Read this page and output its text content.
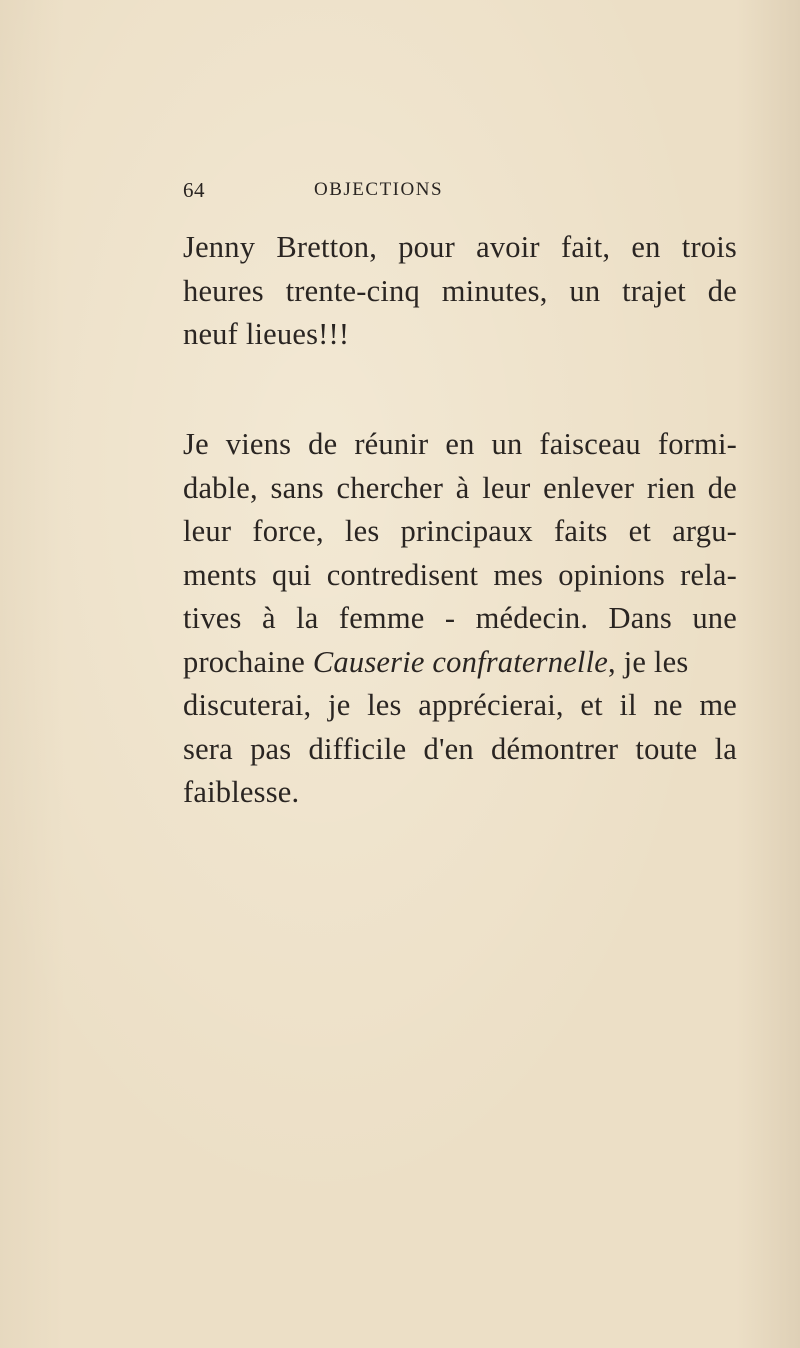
64	OBJECTIONS
Jenny Bretton, pour avoir fait, en trois
heures trente-cinq minutes, un trajet de
neuf lieues!!!
Je viens de réunir en un faisceau formi-
dable, sans chercher à leur enlever rien de
leur force, les principaux faits et argu-
ments qui contredisent mes opinions rela-
tives à la femme - médecin. Dans une
prochaine Causerie confraternelle, je les
discuterai, je les apprécierai, et il ne me
sera pas difficile d'en démontrer toute la
faiblesse.
